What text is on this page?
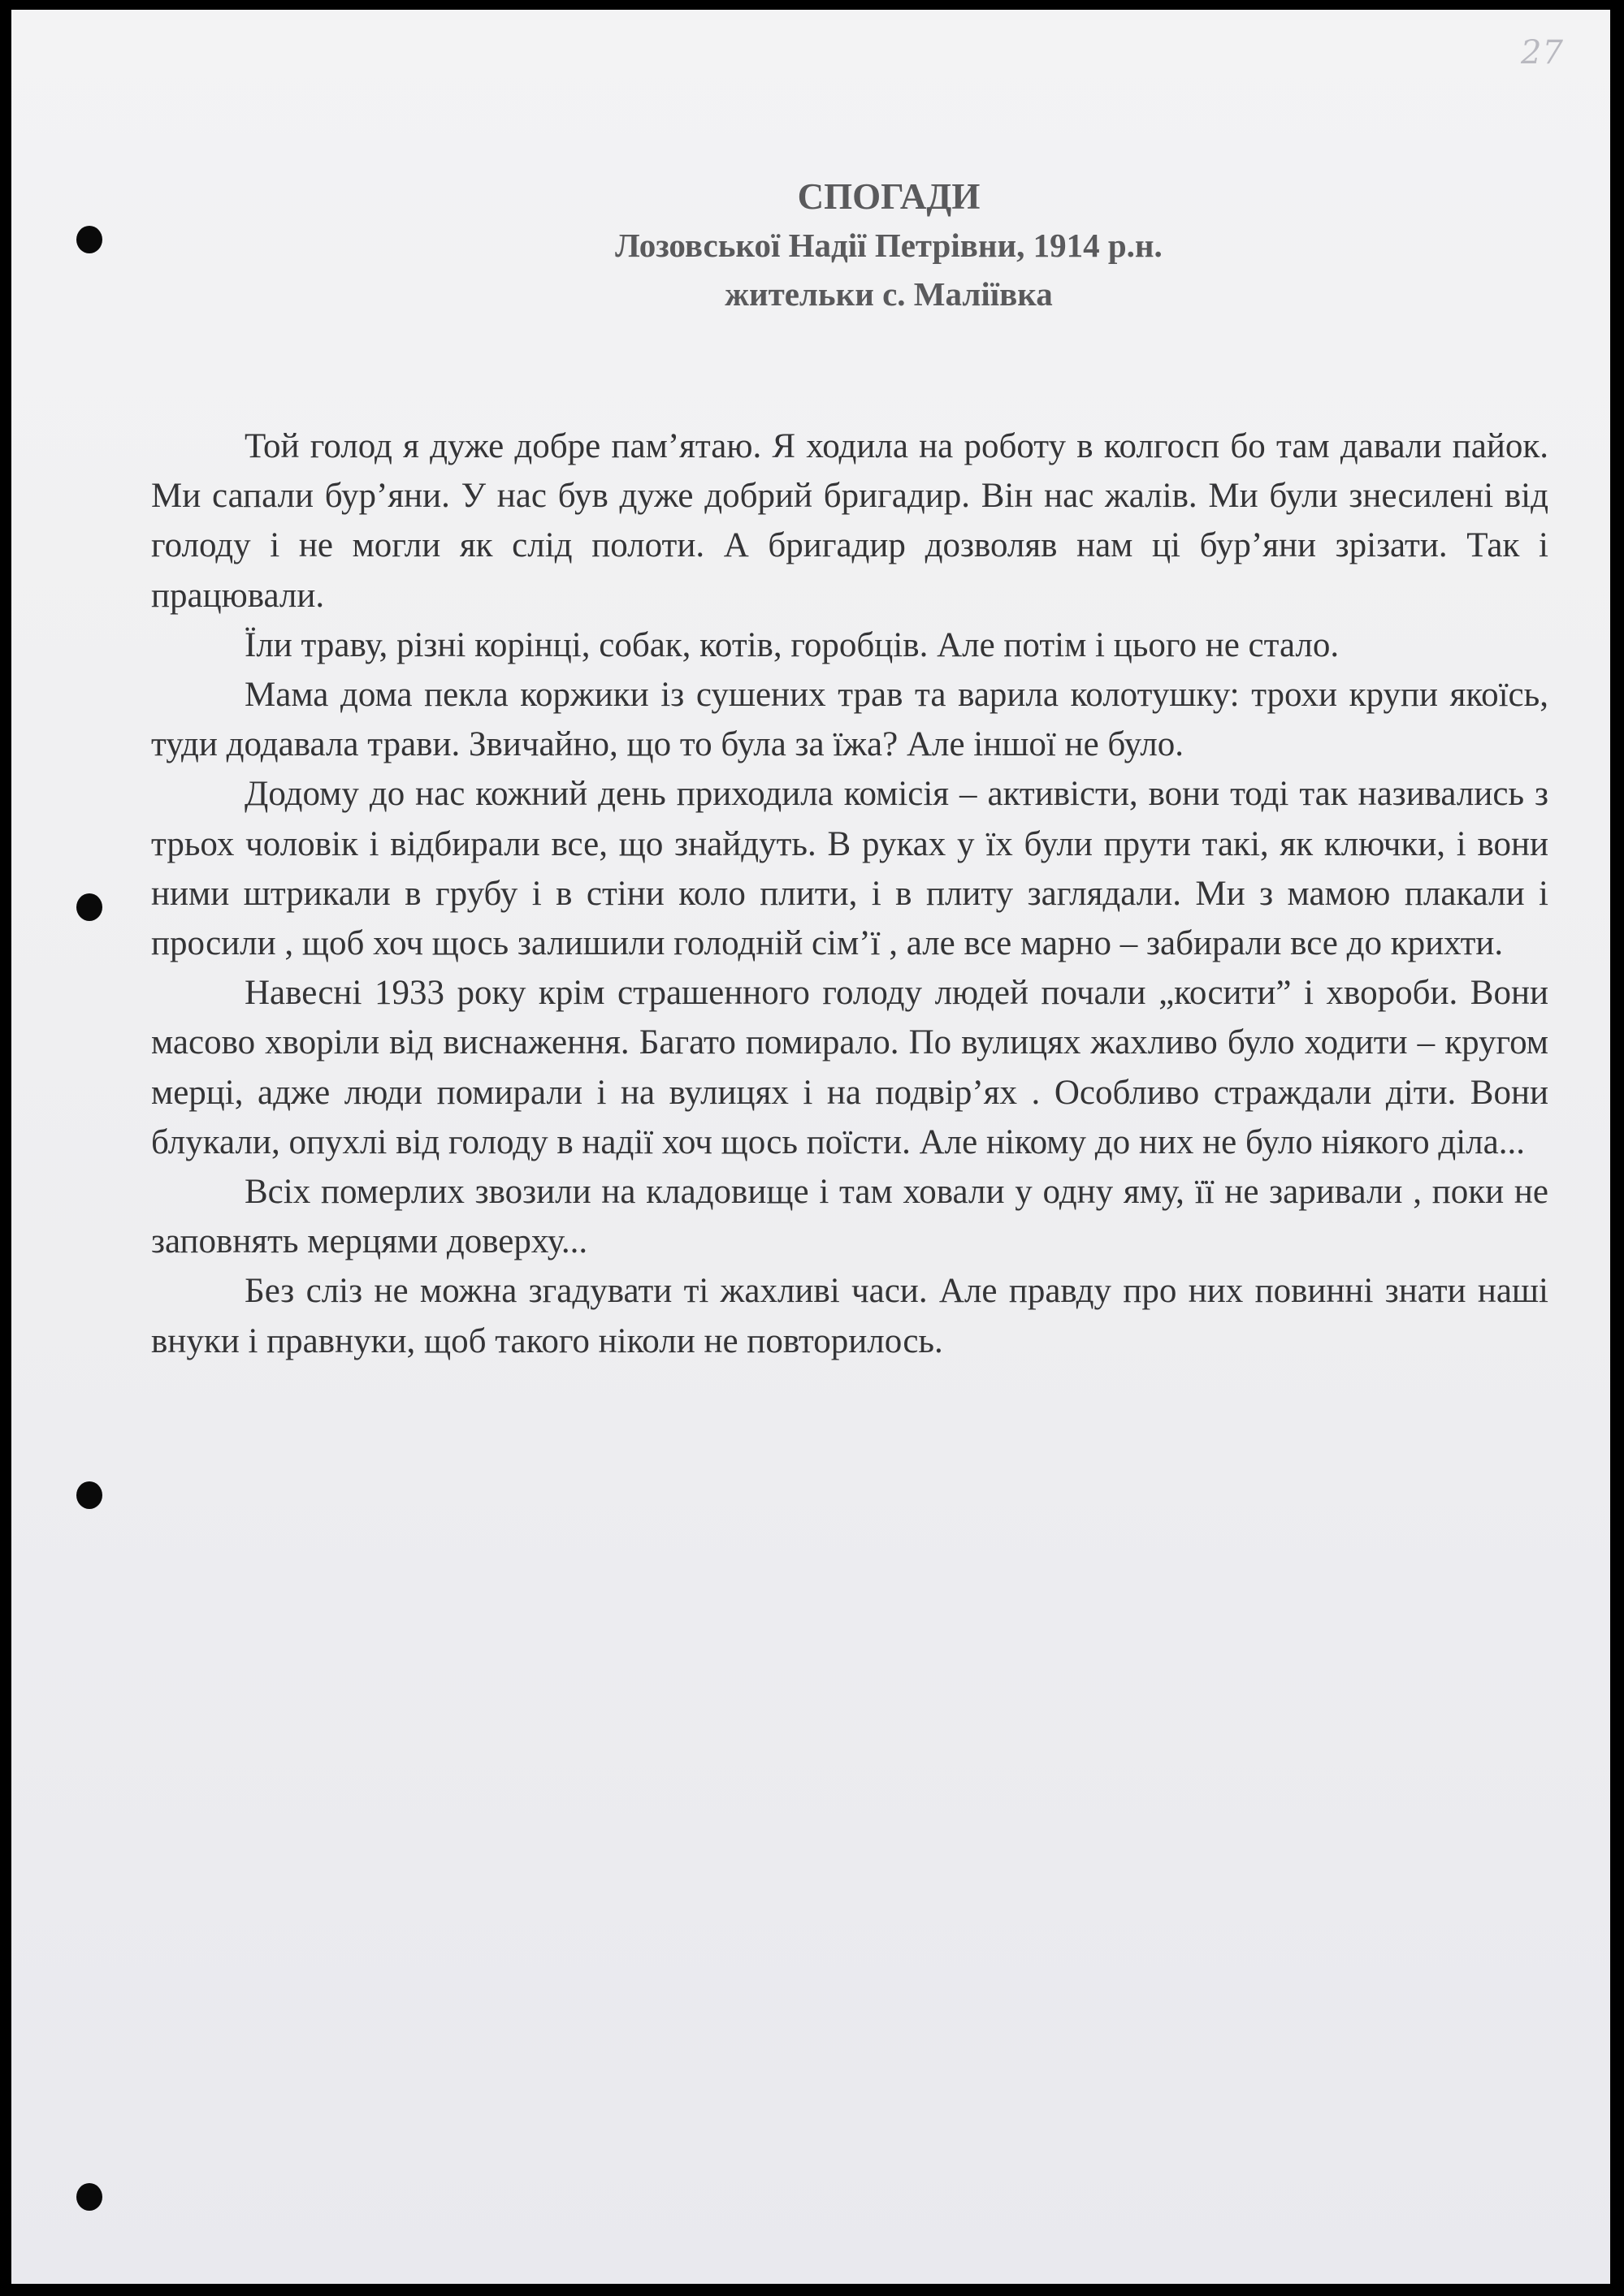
27
СПОГАДИ
Лозовської Надії Петрівни, 1914 р.н.
жительки с. Маліївка

Той голод я дуже добре пам’ятаю. Я ходила на роботу в колгосп бо там давали пайок. Ми сапали бур’яни. У нас був дуже добрий бригадир. Він нас жалів. Ми були знесилені від голоду і не могли як слід полоти. А бригадир дозволяв нам ці бур’яни зрізати. Так і працювали.

Їли траву, різні корінці, собак, котів, горобців. Але потім і цього не стало.

Мама дома пекла коржики із сушених трав та варила колотушку: трохи крупи якоїсь, туди додавала трави. Звичайно, що то була за їжа? Але іншої не було.

Додому до нас кожний день приходила комісія – активісти, вони тоді так називались з трьох чоловік і відбирали все, що знайдуть. В руках у їх були прути такі, як ключки, і вони ними штрикали в грубу і в стіни коло плити, і в плиту заглядали. Ми з мамою плакали і просили , щоб хоч щось залишили голодній сім’ї , але все марно – забирали все до крихти.

Навесні 1933 року крім страшенного голоду людей почали „косити” і хвороби. Вони масово хворіли від виснаження. Багато помирало. По вулицях жахливо було ходити – кругом мерці, адже люди помирали і на вулицях і на подвір’ях . Особливо страждали діти. Вони блукали, опухлі від голоду в надії хоч щось поїсти. Але нікому до них не було ніякого діла...

Всіх померлих звозили на кладовище і там ховали у одну яму, її не заривали , поки не заповнять мерцями доверху...

Без сліз не можна згадувати ті жахливі часи. Але правду про них повинні знати наші внуки і правнуки, щоб такого ніколи не повторилось.
